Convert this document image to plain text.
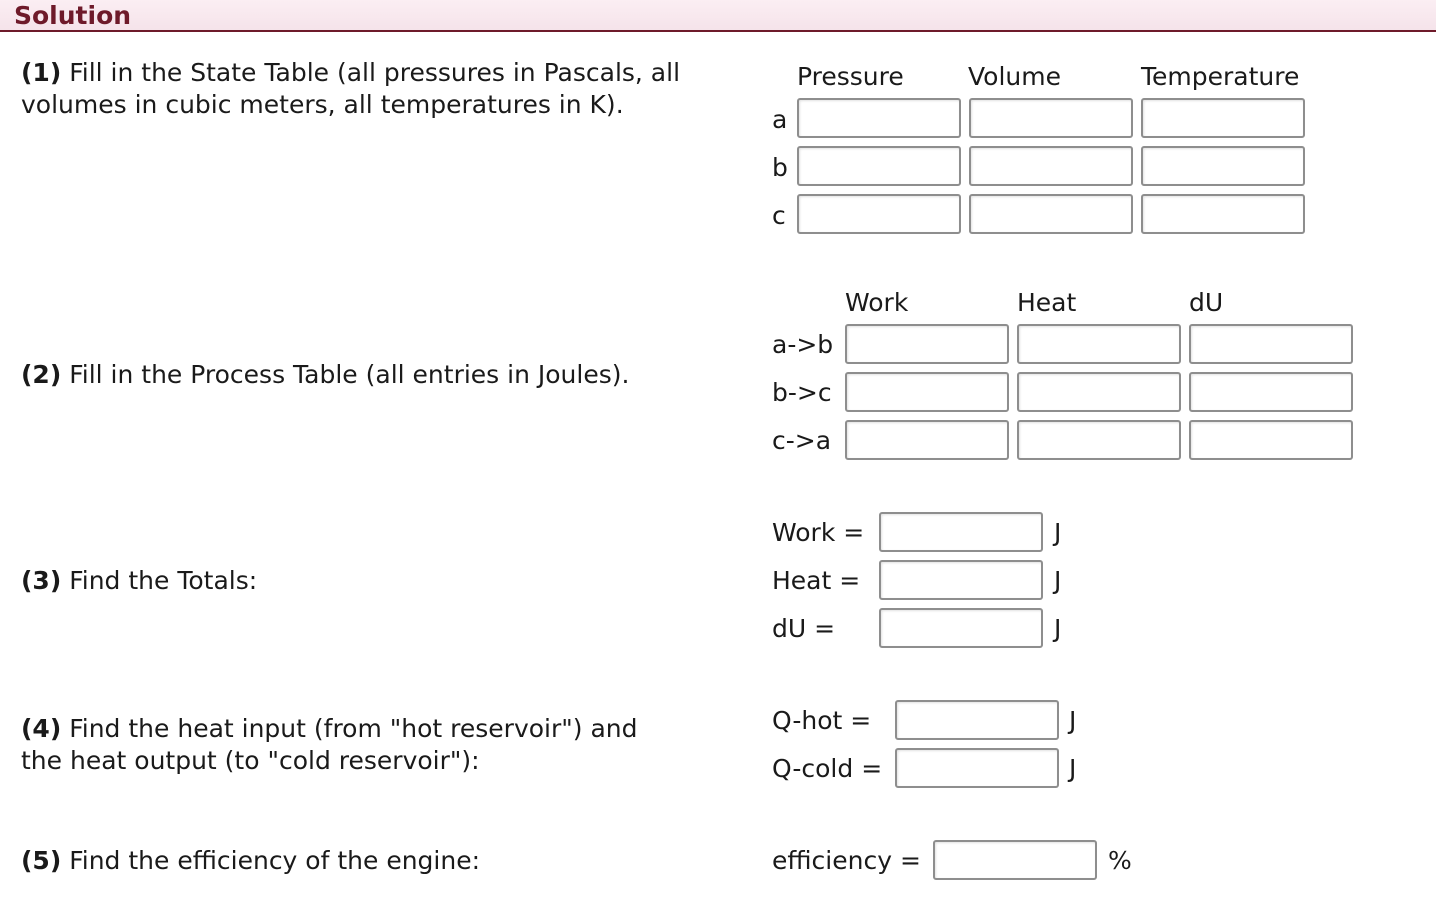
Solution
(1) Fill in the State Table (all pressures in Pascals, all
volumes in cubic meters, all temperatures in K).
Pressure	Volume	Temperature
a
b
c
(2) Fill in the Process Table (all entries in Joules).
Work	Heat	dU
a->b
b->c
c->a
(3) Find the Totals:
Work =	J
Heat =	J
dU =	J
(4) Find the heat input (from "hot reservoir") and
the heat output (to "cold reservoir"):
Q-hot =	J
Q-cold =	J
(5) Find the efficiency of the engine:	efficiency =	%
